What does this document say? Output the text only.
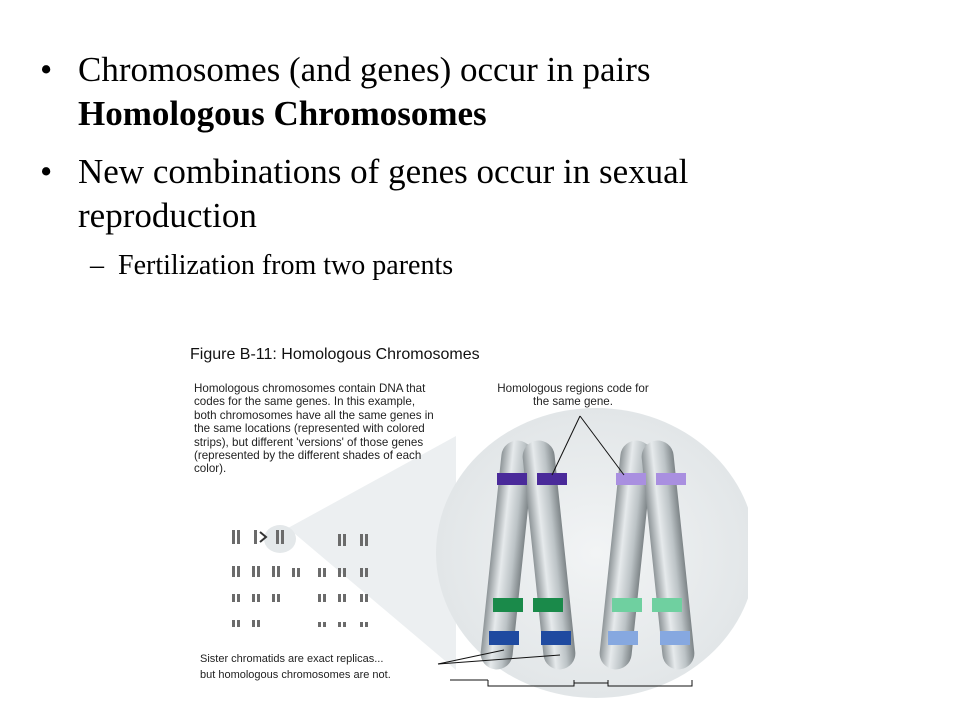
• Chromosomes (and genes) occur in pairs
Homologous Chromosomes
• New combinations of genes occur in sexual reproduction
– Fertilization from two parents
Figure B-11: Homologous Chromosomes
Homologous chromosomes contain DNA that codes for the same genes. In this example, both chromosomes have all the same genes in the same locations (represented with colored strips), but different 'versions' of those genes (represented by the different shades of each color).
Homologous regions code for the same gene.
Sister chromatids are exact replicas...
but homologous chromosomes are not.
